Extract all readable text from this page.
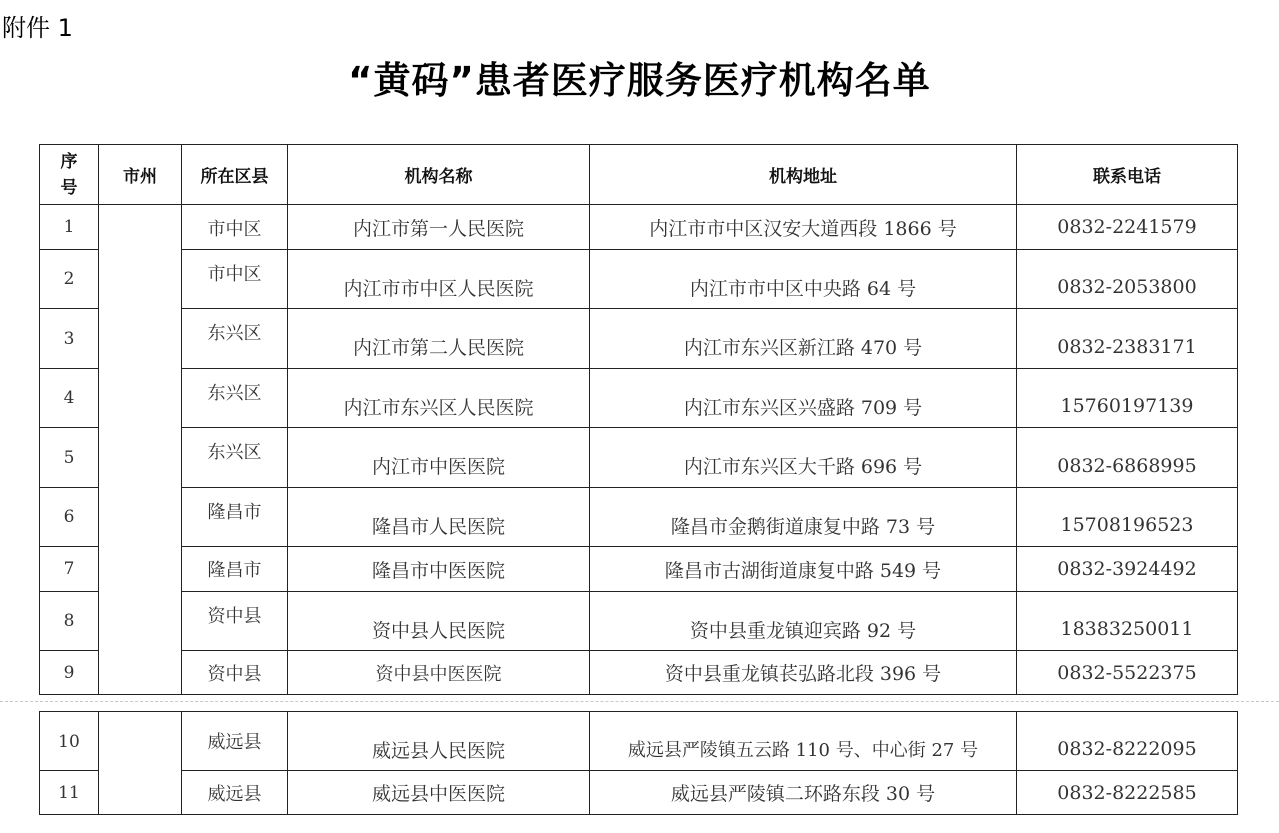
附件 1
“黄码”患者医疗服务医疗机构名单
序号	市州	所在区县	机构名称	机构地址	联系电话
1		市中区	内江市第一人民医院	内江市市中区汉安大道西段 1866 号	0832-2241579
2		市中区	内江市市中区人民医院	内江市市中区中央路 64 号	0832-2053800
3		东兴区	内江市第二人民医院	内江市东兴区新江路 470 号	0832-2383171
4		东兴区	内江市东兴区人民医院	内江市东兴区兴盛路 709 号	15760197139
5		东兴区	内江市中医医院	内江市东兴区大千路 696 号	0832-6868995
6		隆昌市	隆昌市人民医院	隆昌市金鹅街道康复中路 73 号	15708196523
7		隆昌市	隆昌市中医医院	隆昌市古湖街道康复中路 549 号	0832-3924492
8		资中县	资中县人民医院	资中县重龙镇迎宾路 92 号	18383250011
9		资中县	资中县中医医院	资中县重龙镇苌弘路北段 396 号	0832-5522375
10		威远县	威远县人民医院	威远县严陵镇五云路 110 号、中心街 27 号	0832-8222095
11		威远县	威远县中医医院	威远县严陵镇二环路东段 30 号	0832-8222585
